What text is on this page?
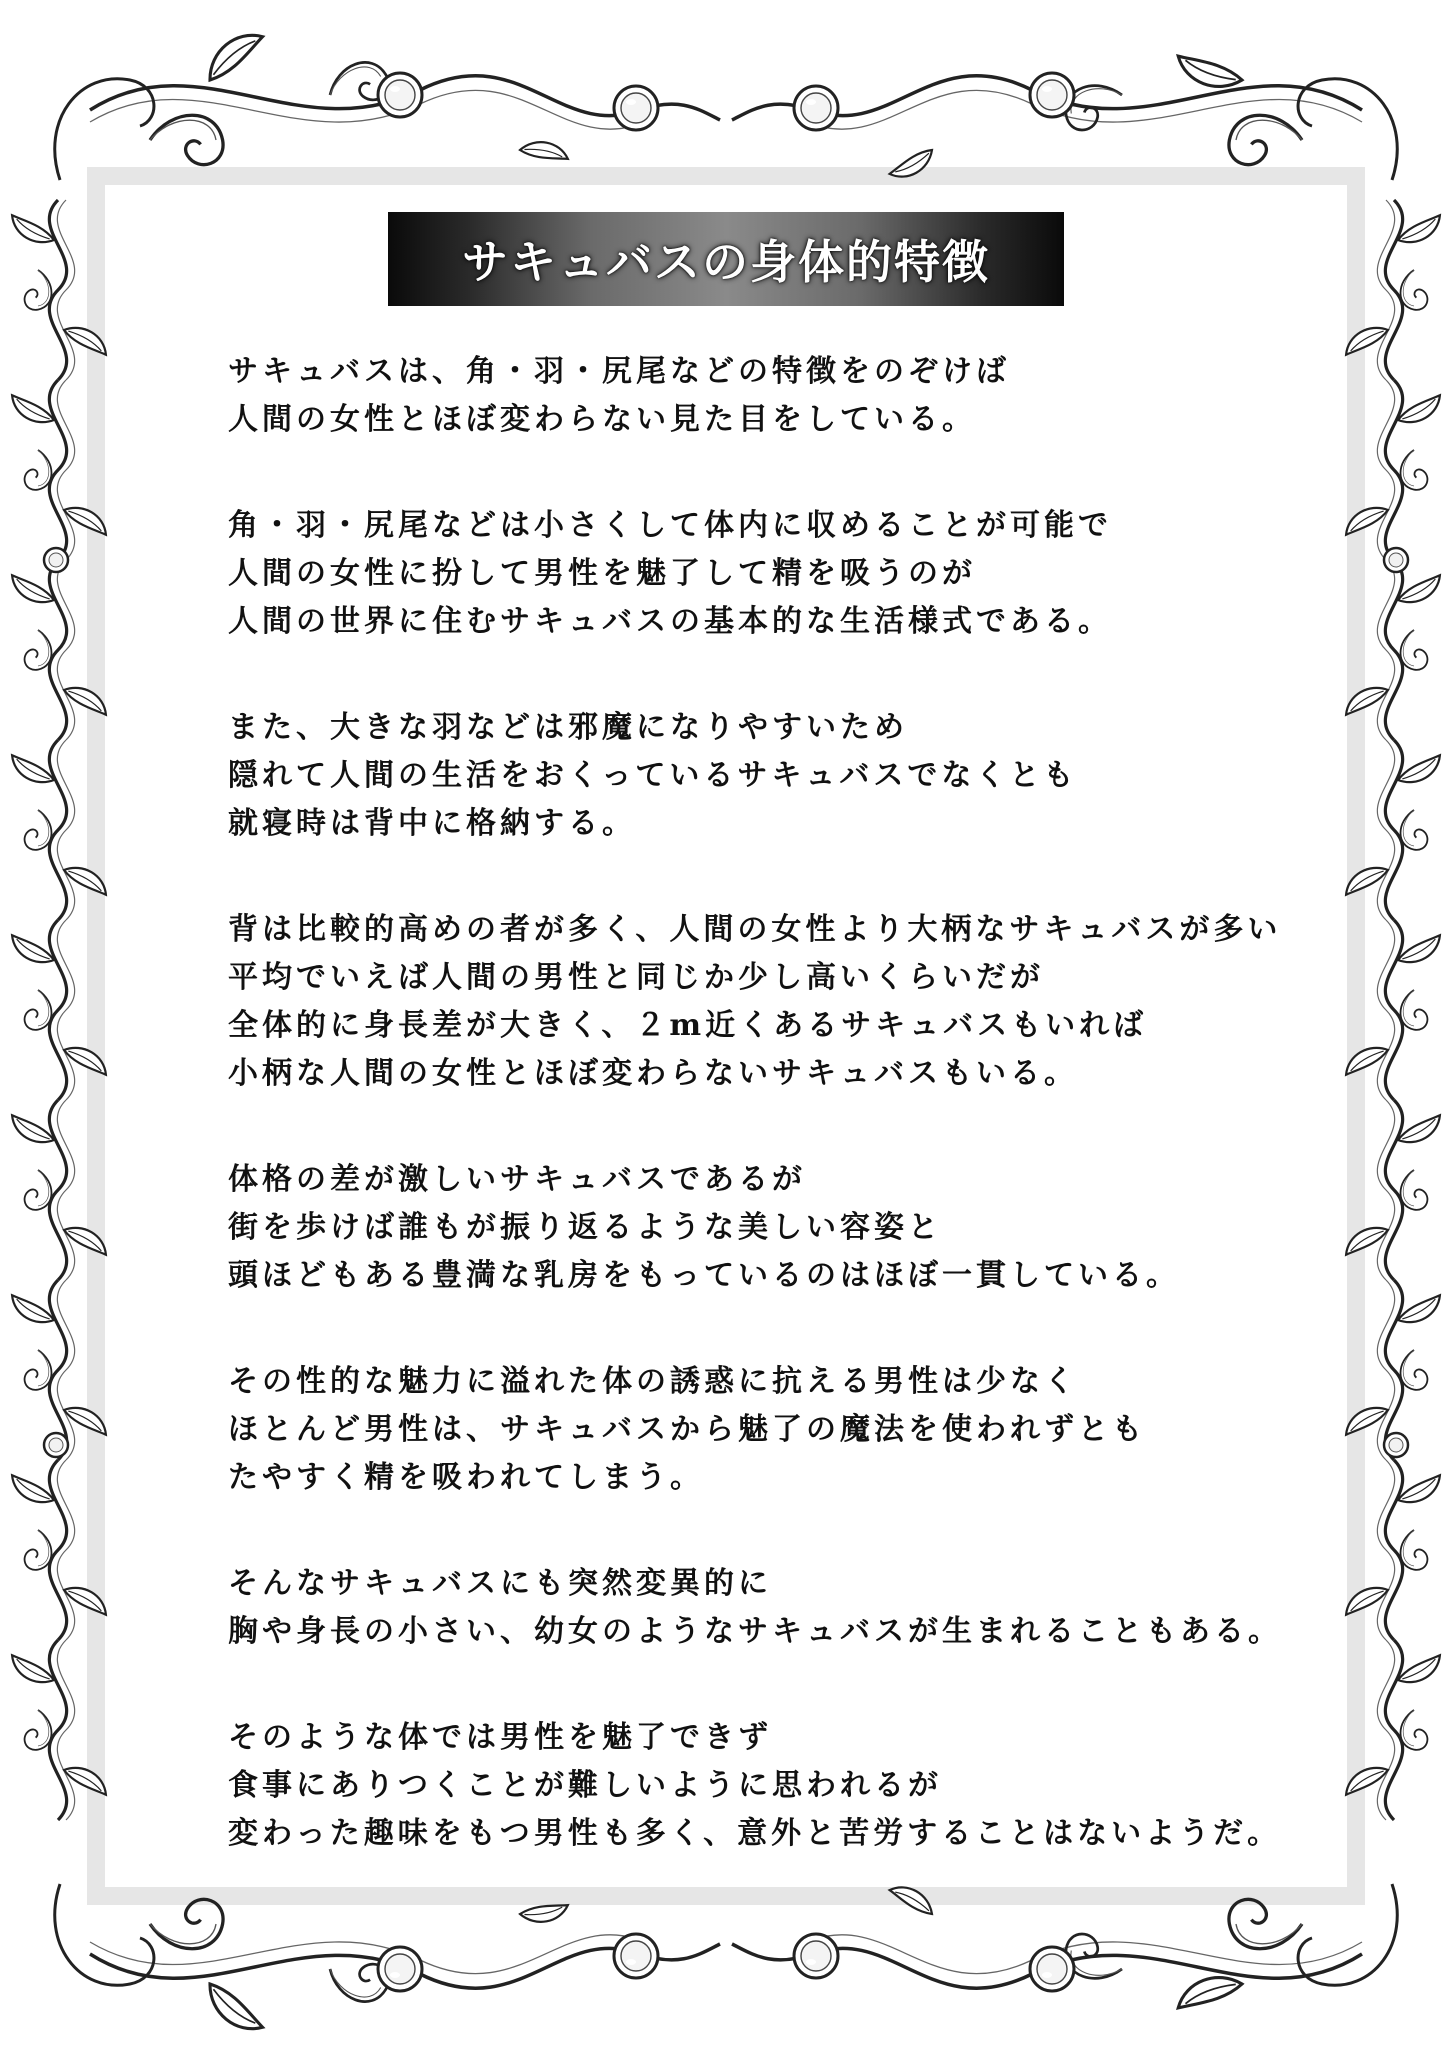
サキュバスの身体的特徴
サキュバスは、角・羽・尻尾などの特徴をのぞけば
人間の女性とほぼ変わらない見た目をしている。
角・羽・尻尾などは小さくして体内に収めることが可能で
人間の女性に扮して男性を魅了して精を吸うのが
人間の世界に住むサキュバスの基本的な生活様式である。
また、大きな羽などは邪魔になりやすいため
隠れて人間の生活をおくっているサキュバスでなくとも
就寝時は背中に格納する。
背は比較的高めの者が多く、人間の女性より大柄なサキュバスが多い
平均でいえば人間の男性と同じか少し高いくらいだが
全体的に身長差が大きく、２m近くあるサキュバスもいれば
小柄な人間の女性とほぼ変わらないサキュバスもいる。
体格の差が激しいサキュバスであるが
街を歩けば誰もが振り返るような美しい容姿と
頭ほどもある豊満な乳房をもっているのはほぼ一貫している。
その性的な魅力に溢れた体の誘惑に抗える男性は少なく
ほとんど男性は、サキュバスから魅了の魔法を使われずとも
たやすく精を吸われてしまう。
そんなサキュバスにも突然変異的に
胸や身長の小さい、幼女のようなサキュバスが生まれることもある。
そのような体では男性を魅了できず
食事にありつくことが難しいように思われるが
変わった趣味をもつ男性も多く、意外と苦労することはないようだ。
